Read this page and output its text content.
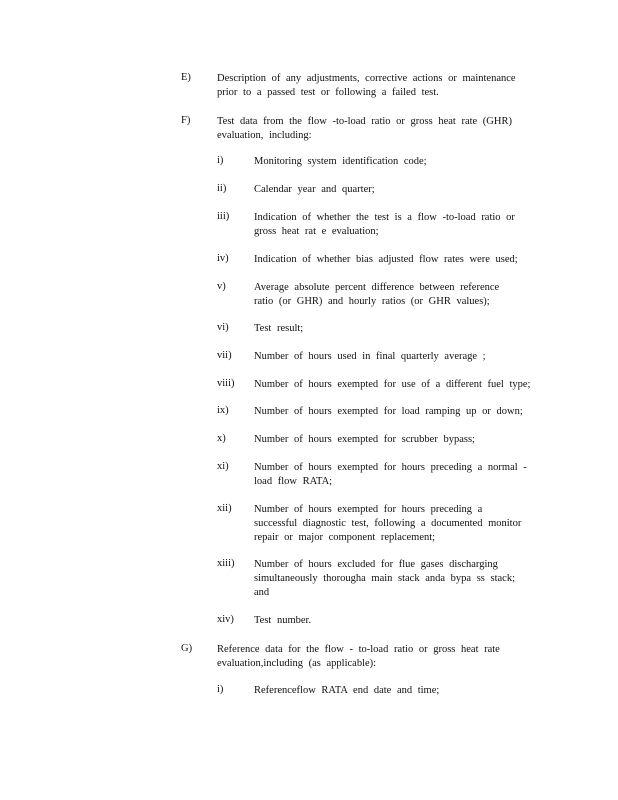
E) Description of any adjustments, corrective actions or maintenance
prior to a passed test or following a failed test.
F)	Test data from the flow -to-load ratio or gross heat rate (GHR)
evaluation, including:
i)	Monitoring system identification code;
ii)	Calendar year and quarter;
iii) Indication of whether the test is a flow -to-load ratio or
gross heat rat e evaluation;
iv) Indication of whether bias adjusted flow rates were used;
v)	Average absolute percent difference between reference
ratio (or GHR) and hourly ratios (or GHR values);
vi) Test result;
vii) Number of hours used in final quarterly average ;
viii) Number of hours exempted for use of a different fuel type;
ix) Number of hours exempted for load ramping up or down;
x)	Number of hours exempted for scrubber bypass;
xi) Number of hours exempted for hours preceding a normal -
load flow RATA;
xii) Number of hours exempted for hours preceding a
successful diagnostic test, following a documented monitor
repair or major component replacement;
xiii) Number of hours excluded for flue gases discharging
simultaneously thorougha main stack anda bypa ss stack;
and
xiv) Test number.
G) Reference data for the flow - to-load ratio or gross heat rate
evaluation,including (as applicable):
i)	Referenceflow RATA end date and time;
